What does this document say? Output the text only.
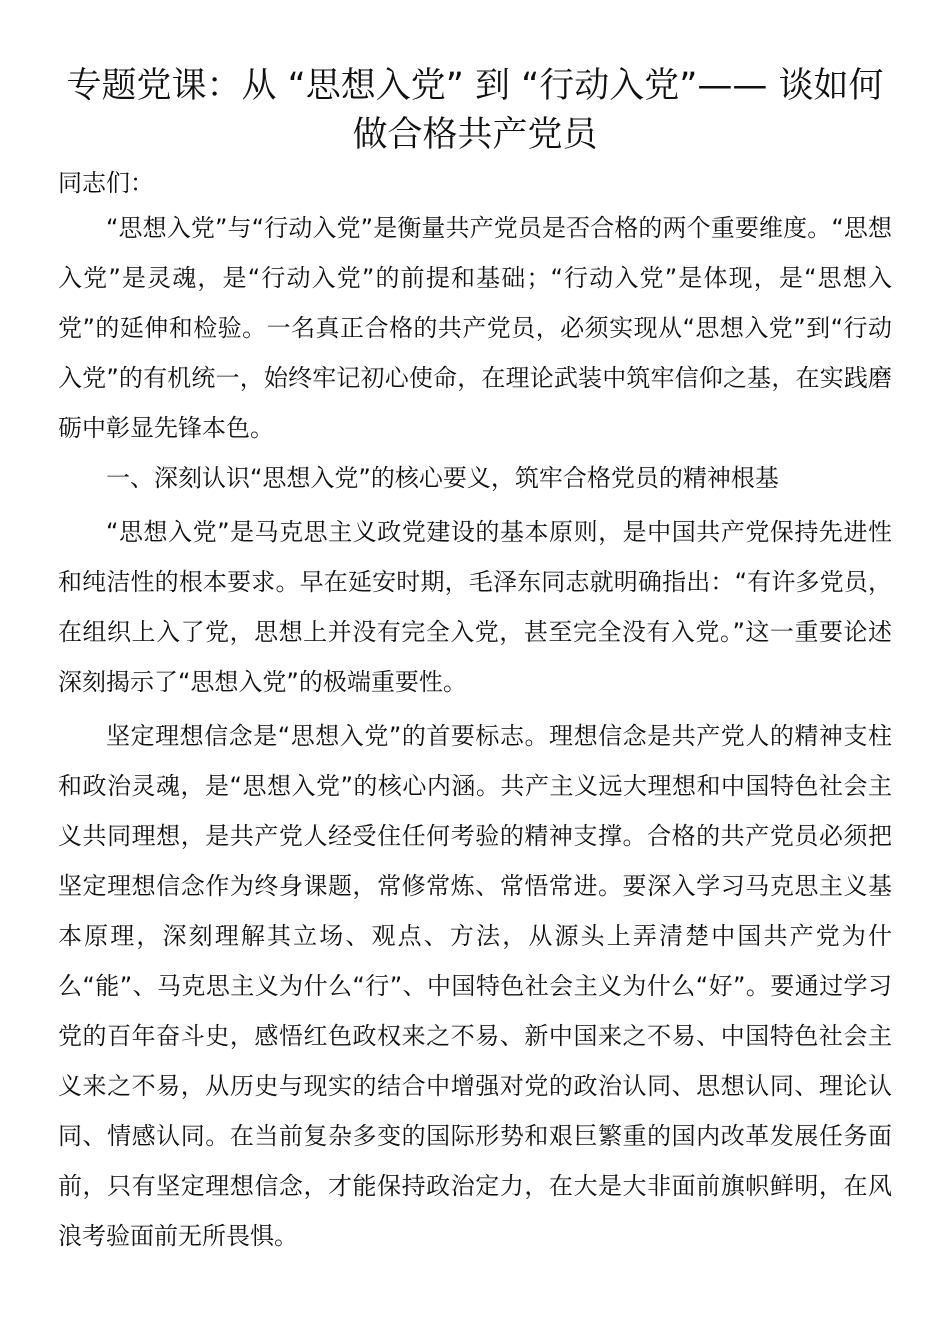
专题党课：从 “思想入党” 到 “行动入党”—— 谈如何做合格共产党员

同志们：

“思想入党”与“行动入党”是衡量共产党员是否合格的两个重要维度。“思想入党”是灵魂，是“行动入党”的前提和基础；“行动入党”是体现，是“思想入党”的延伸和检验。一名真正合格的共产党员，必须实现从“思想入党”到“行动入党”的有机统一，始终牢记初心使命，在理论武装中筑牢信仰之基，在实践磨砺中彰显先锋本色。

一、深刻认识“思想入党”的核心要义，筑牢合格党员的精神根基

“思想入党”是马克思主义政党建设的基本原则，是中国共产党保持先进性和纯洁性的根本要求。早在延安时期，毛泽东同志就明确指出：“有许多党员，在组织上入了党，思想上并没有完全入党，甚至完全没有入党。”这一重要论述深刻揭示了“思想入党”的极端重要性。

坚定理想信念是“思想入党”的首要标志。理想信念是共产党人的精神支柱和政治灵魂，是“思想入党”的核心内涵。共产主义远大理想和中国特色社会主义共同理想，是共产党人经受住任何考验的精神支撑。合格的共产党员必须把坚定理想信念作为终身课题，常修常炼、常悟常进。要深入学习马克思主义基本原理，深刻理解其立场、观点、方法，从源头上弄清楚中国共产党为什么“能”、马克思主义为什么“行”、中国特色社会主义为什么“好”。要通过学习党的百年奋斗史，感悟红色政权来之不易、新中国来之不易、中国特色社会主义来之不易，从历史与现实的结合中增强对党的政治认同、思想认同、理论认同、情感认同。在当前复杂多变的国际形势和艰巨繁重的国内改革发展任务面前，只有坚定理想信念，才能保持政治定力，在大是大非面前旗帜鲜明，在风浪考验面前无所畏惧。
